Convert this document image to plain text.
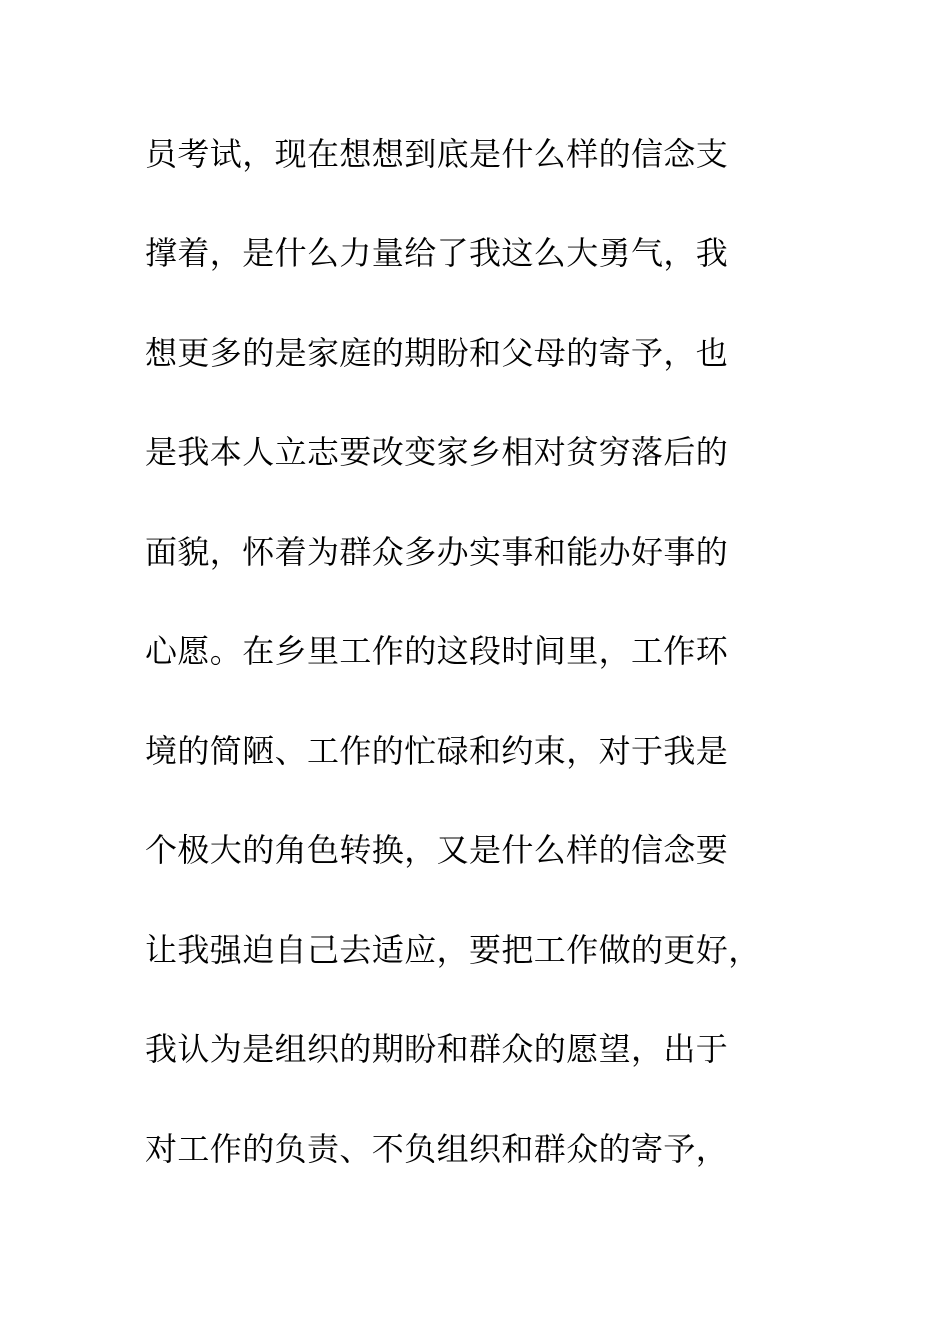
员考试，现在想想到底是什么样的信念支
撑着，是什么力量给了我这么大勇气，我
想更多的是家庭的期盼和父母的寄予，也
是我本人立志要改变家乡相对贫穷落后的
面貌，怀着为群众多办实事和能办好事的
心愿。在乡里工作的这段时间里，工作环
境的简陋、工作的忙碌和约束，对于我是
个极大的角色转换，又是什么样的信念要
让我强迫自己去适应，要把工作做的更好，
我认为是组织的期盼和群众的愿望，出于
对工作的负责、不负组织和群众的寄予，
